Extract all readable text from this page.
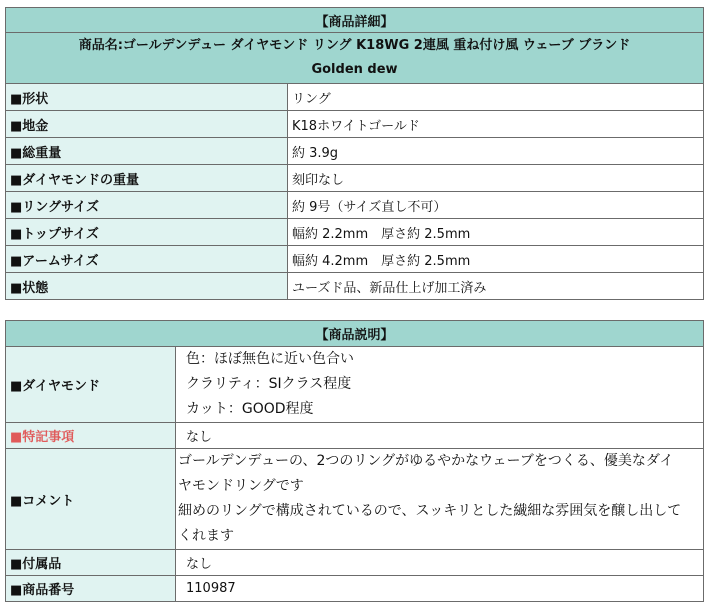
【商品詳細】	

商品名:ゴールデンデュー ダイヤモンド リング K18WG 2連風 重ね付け風 ウェーブ ブランド
Golden dew	

■形状	リング
■地金	K18ホワイトゴールド
■総重量	約 3.9g
■ダイヤモンドの重量	刻印なし
■リングサイズ	約 9号（サイズ直し不可）
■トップサイズ	幅約 2.2mm　厚さ約 2.5mm
■アームサイズ	幅約 4.2mm　厚さ約 2.5mm
■状態	ユーズド品、新品仕上げ加工済み
【商品説明】	
■ダイヤモンド	色：ほぼ無色に近い色合い
クラリティ：SIクラス程度
カット：GOOD程度

■特記事項	なし
■コメント	ゴールデンデューの、2つのリングがゆるやかなウェーブをつくる、優美なダイ
ヤモンドリングです
細めのリングで構成されているので、スッキリとした繊細な雰囲気を醸し出して
くれます

■付属品	なし
■商品番号	110987
